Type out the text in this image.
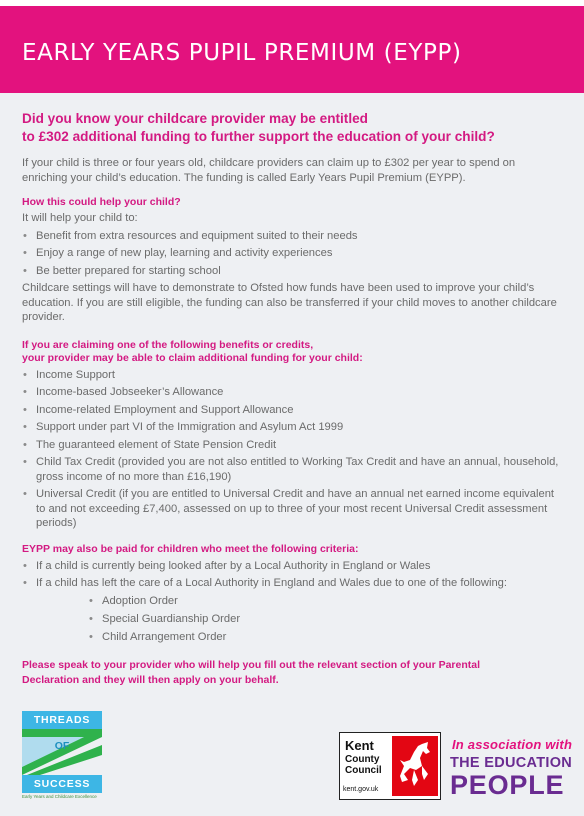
EARLY YEARS PUPIL PREMIUM (EYPP)
Did you know your childcare provider may be entitled
to £302 additional funding to further support the education of your child?

If your child is three or four years old, childcare providers can claim up to £302 per year to spend on enriching your child’s education. The funding is called Early Years Pupil Premium (EYPP).

How this could help your child?

It will help your child to:

• Benefit from extra resources and equipment suited to their needs
• Enjoy a range of new play, learning and activity experiences
• Be better prepared for starting school

Childcare settings will have to demonstrate to Ofsted how funds have been used to improve your child’s education. If you are still eligible, the funding can also be transferred if your child moves to another childcare provider.

If you are claiming one of the following benefits or credits,
your provider may be able to claim additional funding for your child:
• Income Support
• Income-based Jobseeker’s Allowance
• Income-related Employment and Support Allowance
• Support under part VI of the Immigration and Asylum Act 1999
• The guaranteed element of State Pension Credit
• Child Tax Credit (provided you are not also entitled to Working Tax Credit and have an annual, household, gross income of no more than £16,190)
• Universal Credit (if you are entitled to Universal Credit and have an annual net earned income equivalent to and not exceeding £7,400, assessed on up to three of your most recent Universal Credit assessment periods)
EYPP may also be paid for children who meet the following criteria:
• If a child is currently being looked after by a Local Authority in England or Wales
• If a child has left the care of a Local Authority in England and Wales due to one of the following:
• Adoption Order
• Special Guardianship Order
• Child Arrangement Order
Please speak to your provider who will help you fill out the relevant section of your Parental
Declaration and they will then apply on your behalf.
THREADS
OF
SUCCESS
Early Years and Childcare Excellence
Kent
County
Council
kent.gov.uk
In association with
THE EDUCATION
PEOPLE
